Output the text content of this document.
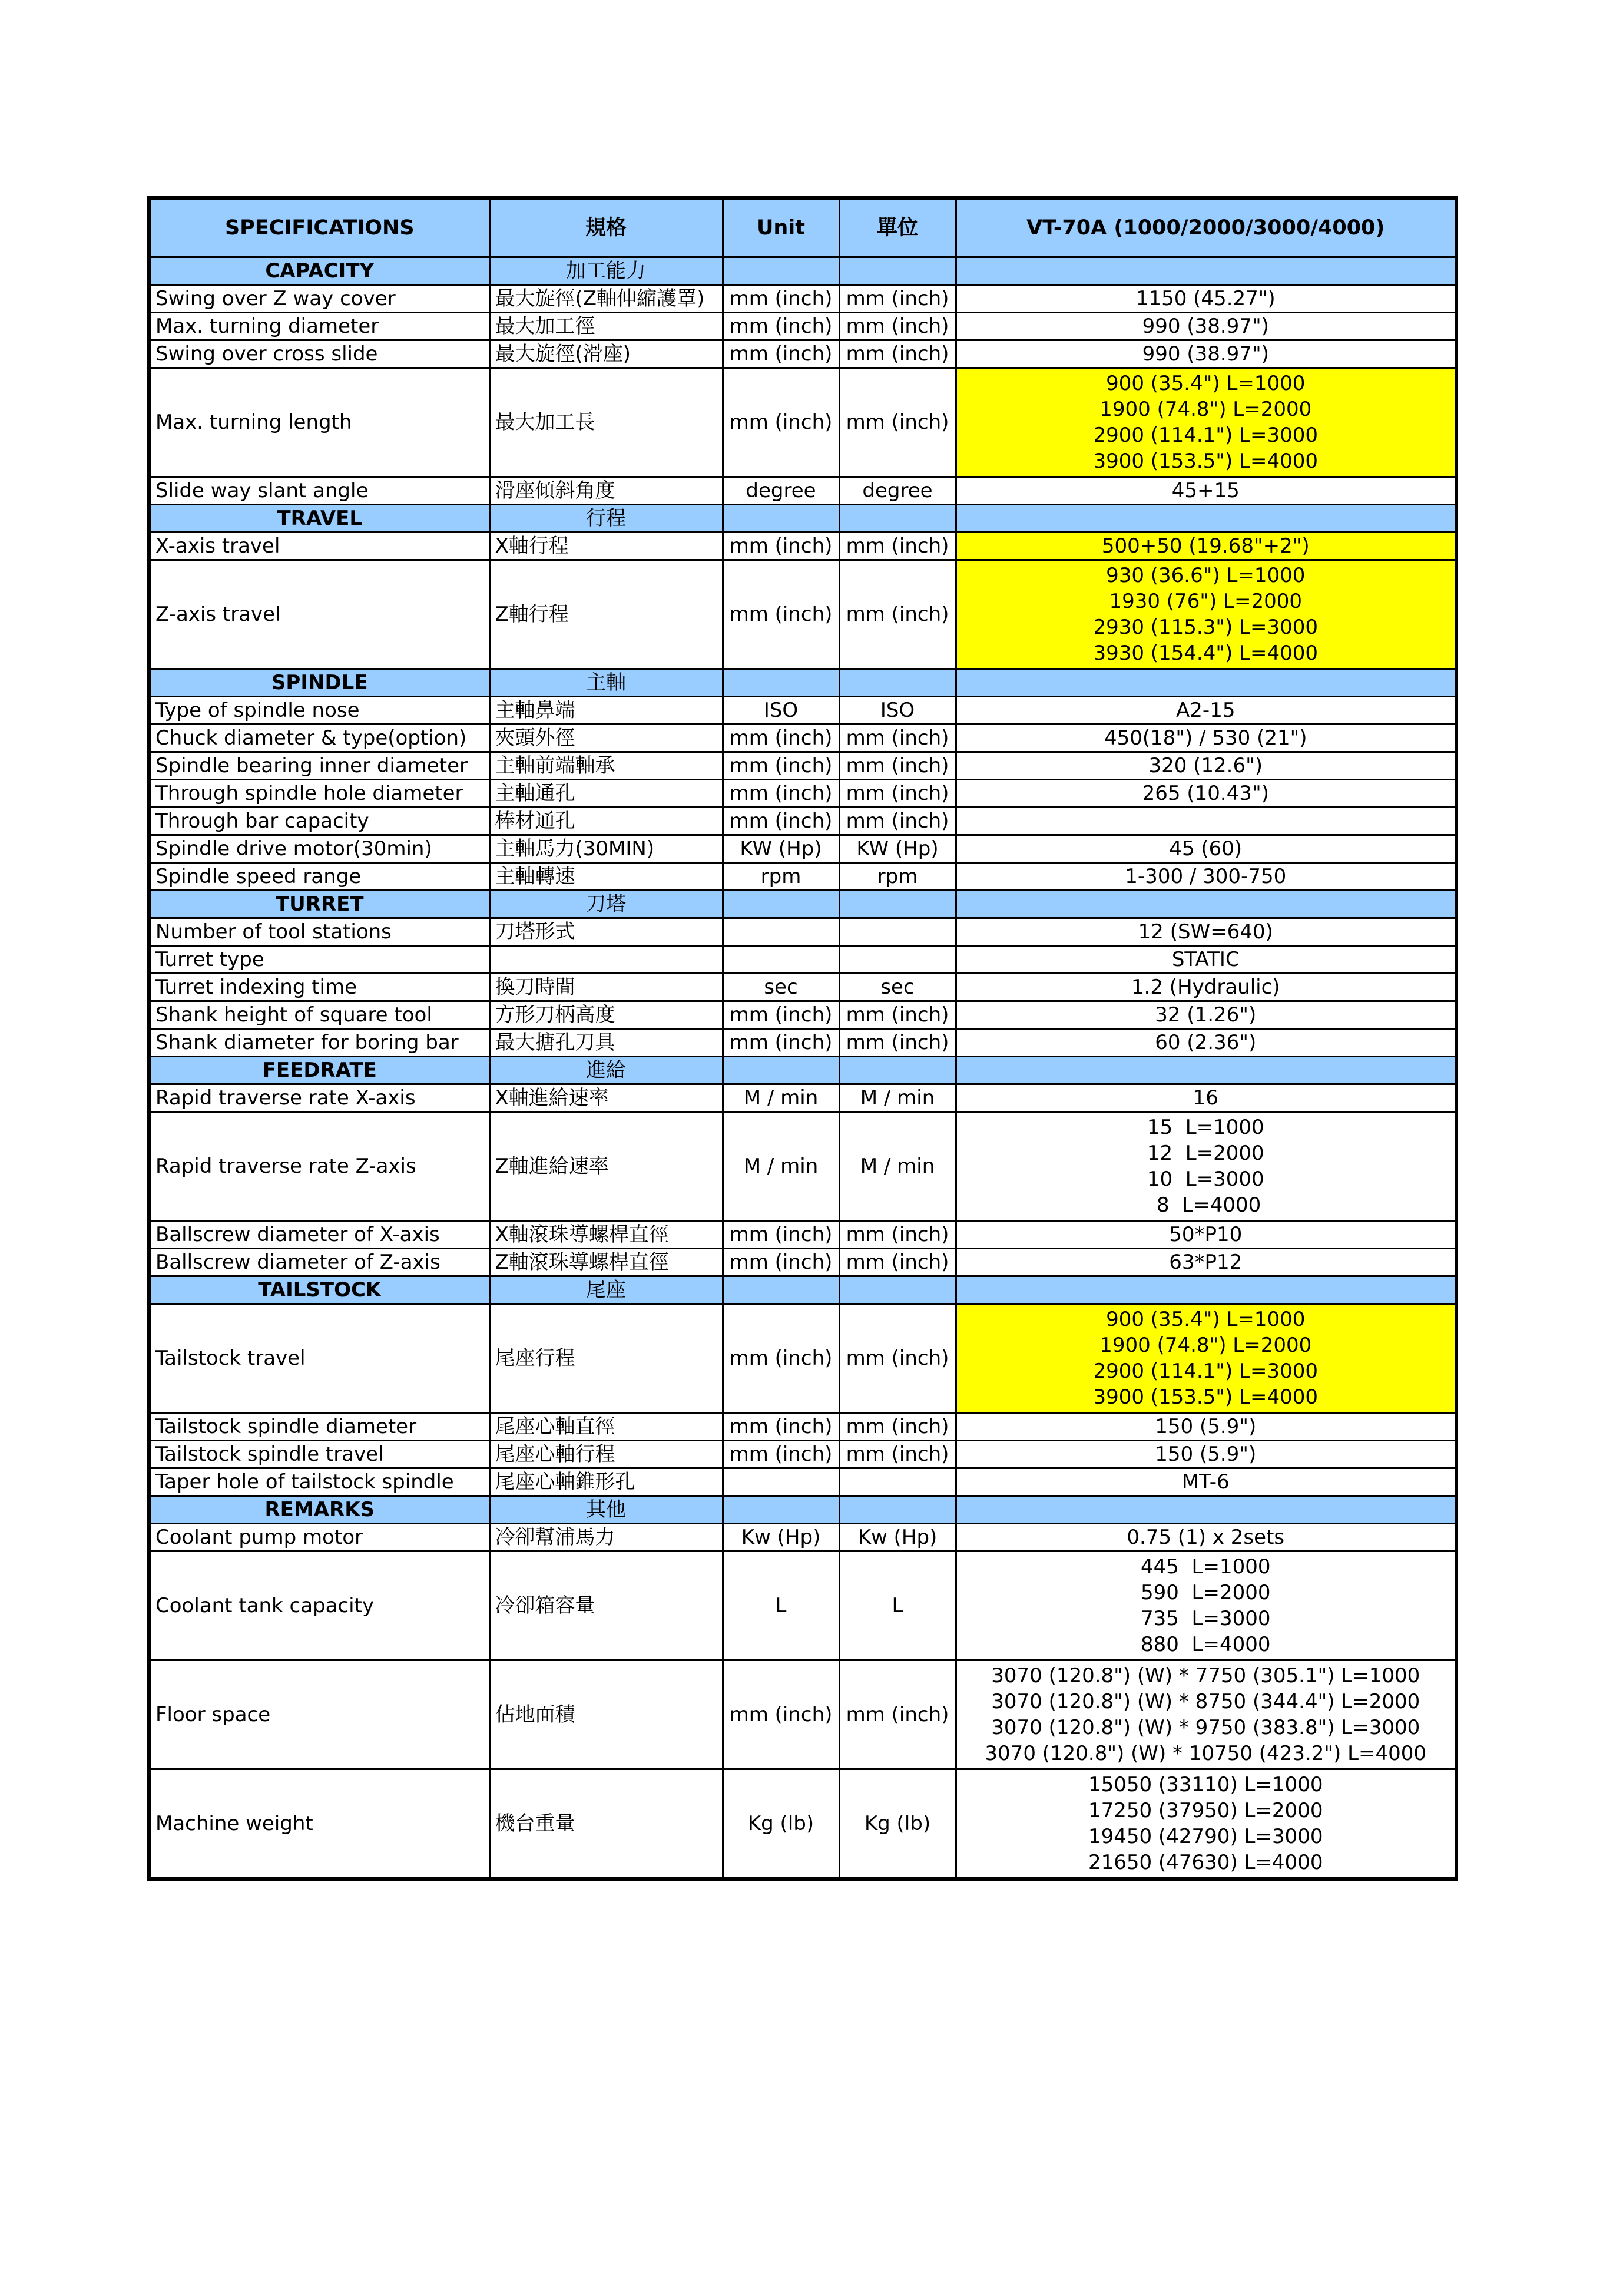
SPECIFICATIONS	規格	Unit	單位	VT-70A (1000/2000/3000/4000)
CAPACITY	加工能力			
Swing over Z way cover	最大旋徑(Z軸伸縮護罩)	mm (inch)	mm (inch)	1150 (45.27")

Max. turning diameter	最大加工徑	mm (inch)	mm (inch)	990 (38.97")

Swing over cross slide	最大旋徑(滑座)	mm (inch)	mm (inch)	990 (38.97")

Max. turning length	最大加工長	mm (inch)	mm (inch)	900 (35.4") L=1000
1900 (74.8") L=2000
2900 (114.1") L=3000
3900 (153.5") L=4000

Slide way slant angle	滑座傾斜角度	degree	degree	45+15

TRAVEL	行程			
X-axis travel	X軸行程	mm (inch)	mm (inch)	500+50 (19.68"+2")

Z-axis travel	Z軸行程	mm (inch)	mm (inch)	930 (36.6") L=1000
1930 (76") L=2000
2930 (115.3") L=3000
3930 (154.4") L=4000

SPINDLE	主軸			
Type of spindle nose	主軸鼻端	ISO	ISO	A2-15

Chuck diameter & type(option)	夾頭外徑	mm (inch)	mm (inch)	450(18") / 530 (21")

Spindle bearing inner diameter	主軸前端軸承	mm (inch)	mm (inch)	320 (12.6")

Through spindle hole diameter	主軸通孔	mm (inch)	mm (inch)	265 (10.43")

Through bar capacity	棒材通孔	mm (inch)	mm (inch)	

Spindle drive motor(30min)	主軸馬力(30MIN)	KW (Hp)	KW (Hp)	45 (60)

Spindle speed range	主軸轉速	rpm	rpm	1-300 / 300-750

TURRET	刀塔			
Number of tool stations	刀塔形式			12 (SW=640)

Turret type				STATIC

Turret indexing time	換刀時間	sec	sec	1.2 (Hydraulic)

Shank height of square tool	方形刀柄高度	mm (inch)	mm (inch)	32 (1.26")

Shank diameter for boring bar	最大搪孔刀具	mm (inch)	mm (inch)	60 (2.36")

FEEDRATE	進給			
Rapid traverse rate X-axis	X軸進給速率	M / min	M / min	16

Rapid traverse rate Z-axis	Z軸進給速率	M / min	M / min	15  L=1000
12  L=2000
10  L=3000
8  L=4000

Ballscrew diameter of X-axis	X軸滾珠導螺桿直徑	mm (inch)	mm (inch)	50*P10

Ballscrew diameter of Z-axis	Z軸滾珠導螺桿直徑	mm (inch)	mm (inch)	63*P12

TAILSTOCK	尾座			
Tailstock travel	尾座行程	mm (inch)	mm (inch)	900 (35.4") L=1000
1900 (74.8") L=2000
2900 (114.1") L=3000
3900 (153.5") L=4000

Tailstock spindle diameter	尾座心軸直徑	mm (inch)	mm (inch)	150 (5.9")

Tailstock spindle travel	尾座心軸行程	mm (inch)	mm (inch)	150 (5.9")

Taper hole of tailstock spindle	尾座心軸錐形孔			MT-6

REMARKS	其他			
Coolant pump motor	冷卻幫浦馬力	Kw (Hp)	Kw (Hp)	0.75 (1) x 2sets

Coolant tank capacity	冷卻箱容量	L	L	445  L=1000
590  L=2000
735  L=3000
880  L=4000

Floor space	佔地面積	mm (inch)	mm (inch)	3070 (120.8") (W) * 7750 (305.1") L=1000
3070 (120.8") (W) * 8750 (344.4") L=2000
3070 (120.8") (W) * 9750 (383.8") L=3000
3070 (120.8") (W) * 10750 (423.2") L=4000

Machine weight	機台重量	Kg (lb)	Kg (lb)	15050 (33110) L=1000
17250 (37950) L=2000
19450 (42790) L=3000
21650 (47630) L=4000
